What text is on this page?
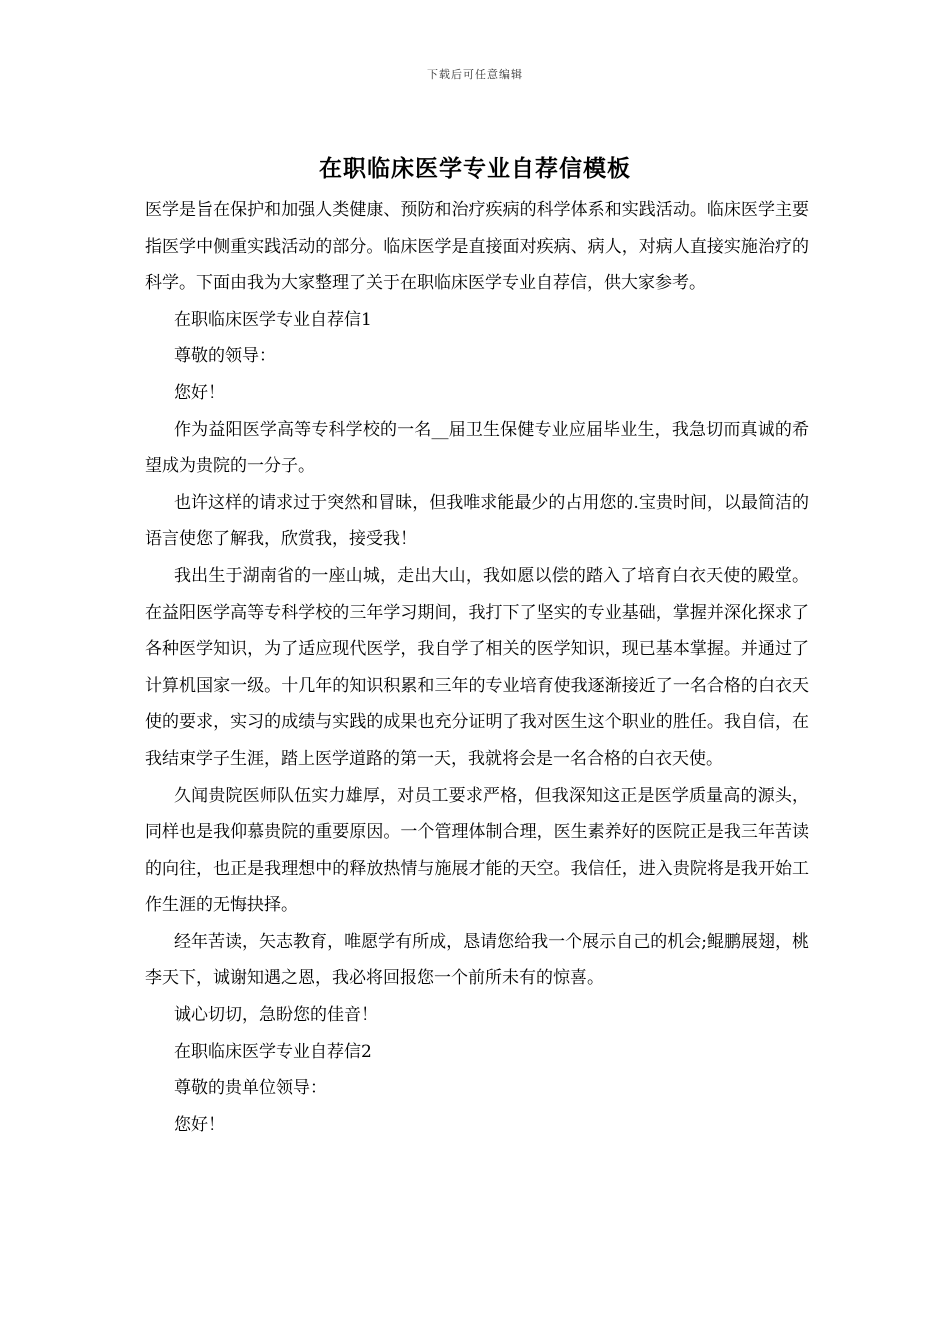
下载后可任意编辑
在职临床医学专业自荐信模板

医学是旨在保护和加强人类健康、预防和治疗疾病的科学体系和实践活动。临床医学主要指医学中侧重实践活动的部分。临床医学是直接面对疾病、病人，对病人直接实施治疗的科学。下面由我为大家整理了关于在职临床医学专业自荐信，供大家参考。

在职临床医学专业自荐信1

尊敬的领导：

您好！

作为益阳医学高等专科学校的一名__届卫生保健专业应届毕业生，我急切而真诚的希望成为贵院的一分子。

也许这样的请求过于突然和冒昧，但我唯求能最少的占用您的.宝贵时间，以最简洁的语言使您了解我，欣赏我，接受我！

我出生于湖南省的一座山城，走出大山，我如愿以偿的踏入了培育白衣天使的殿堂。在益阳医学高等专科学校的三年学习期间，我打下了坚实的专业基础，掌握并深化探求了各种医学知识，为了适应现代医学，我自学了相关的医学知识，现已基本掌握。并通过了计算机国家一级。十几年的知识积累和三年的专业培育使我逐渐接近了一名合格的白衣天使的要求，实习的成绩与实践的成果也充分证明了我对医生这个职业的胜任。我自信，在我结束学子生涯，踏上医学道路的第一天，我就将会是一名合格的白衣天使。

久闻贵院医师队伍实力雄厚，对员工要求严格，但我深知这正是医学质量高的源头，同样也是我仰慕贵院的重要原因。一个管理体制合理，医生素养好的医院正是我三年苦读的向往，也正是我理想中的释放热情与施展才能的天空。我信任，进入贵院将是我开始工作生涯的无悔抉择。

经年苦读，矢志教育，唯愿学有所成，恳请您给我一个展示自己的机会;鲲鹏展翅，桃李天下，诚谢知遇之恩，我必将回报您一个前所未有的惊喜。

诚心切切，急盼您的佳音！

在职临床医学专业自荐信2

尊敬的贵单位领导：

您好！
